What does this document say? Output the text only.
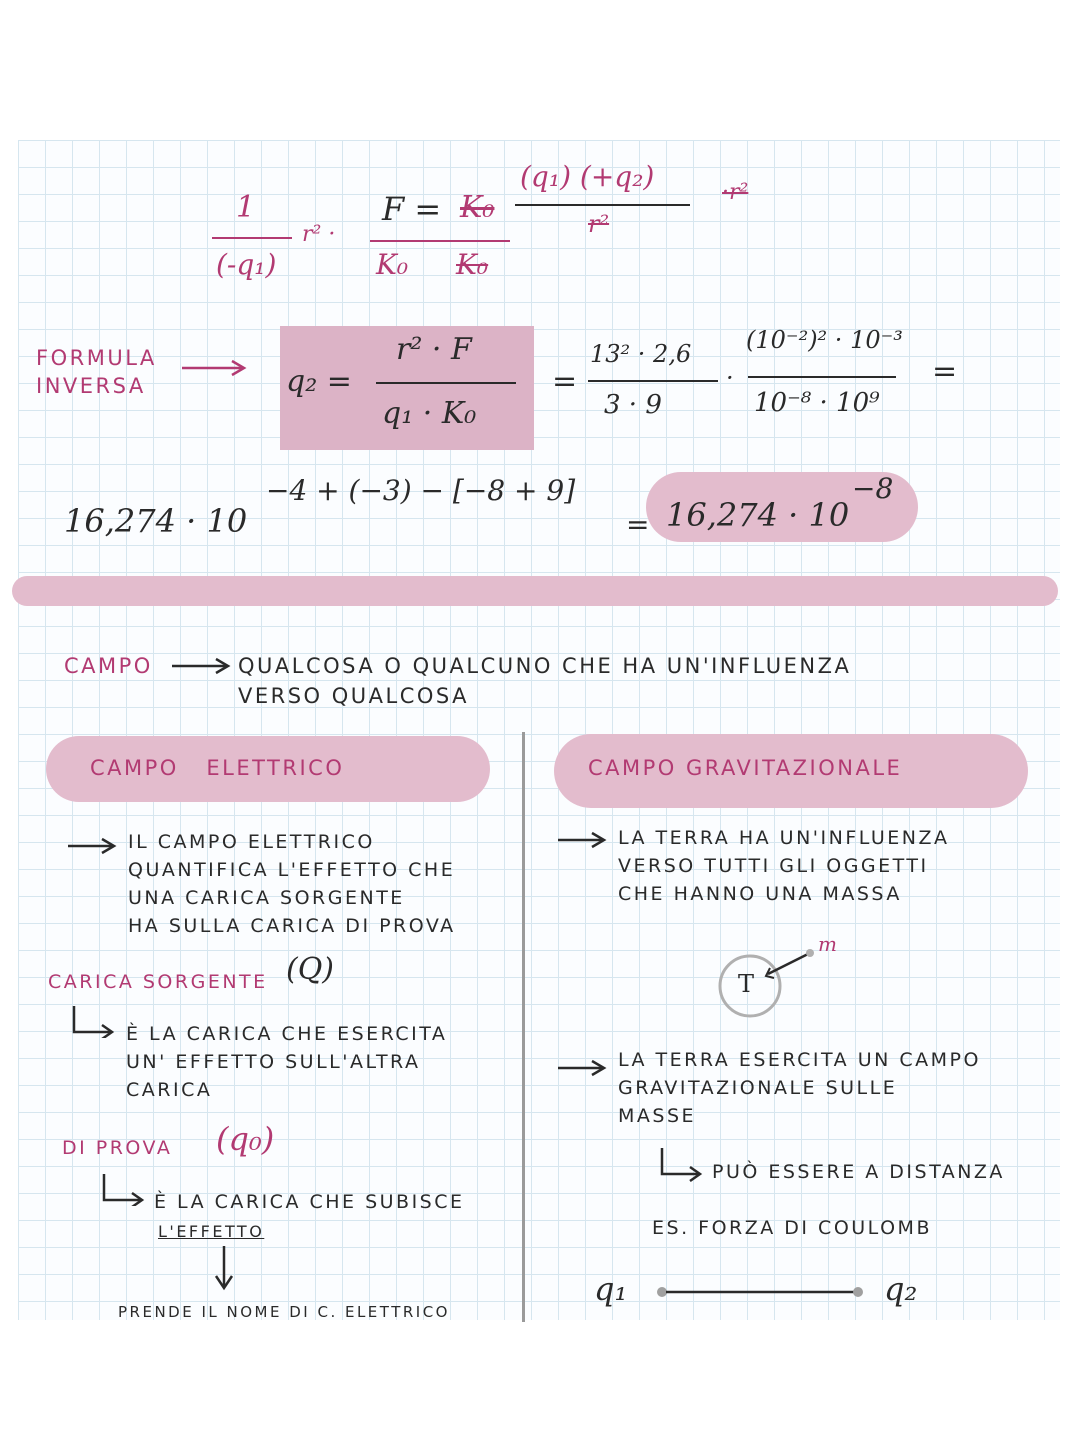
1
(-q₁)
r² ·
F = K₀
(q₁) (+q₂)
r²
K₀ K₀
·r²
FORMULA
INVERSA	q₂ =
r² · F
q₁ · K₀
=
13² · 2,6
3 · 9
·
(10⁻²)² · 10⁻³
10⁻⁸ · 10⁹
=
−4 + (−3) − [−8 + 9]
16,274 · 10	= 16,274 · 10
−8
CAMPO	QUALCOSA O QUALCUNO CHE HA UN'INFLUENZA
VERSO QUALCOSA
CAMPO   ELETTRICO
IL CAMPO ELETTRICO
QUANTIFICA L'EFFETTO CHE
UNA CARICA SORGENTE
HA SULLA CARICA DI PROVA
CARICA SORGENTE (Q)
È LA CARICA CHE ESERCITA
UN' EFFETTO SULL'ALTRA
CARICA
DI PROVA (q₀)
È LA CARICA CHE SUBISCE
L'EFFETTO
PRENDE IL NOME DI C. ELETTRICO
CAMPO GRAVITAZIONALE
LA TERRA HA UN'INFLUENZA
VERSO TUTTI GLI OGGETTI
CHE HANNO UNA MASSA
T
m
LA TERRA ESERCITA UN CAMPO
GRAVITAZIONALE SULLE
MASSE
PUÒ ESSERE A DISTANZA
ES. FORZA DI COULOMB
q₁	q₂
